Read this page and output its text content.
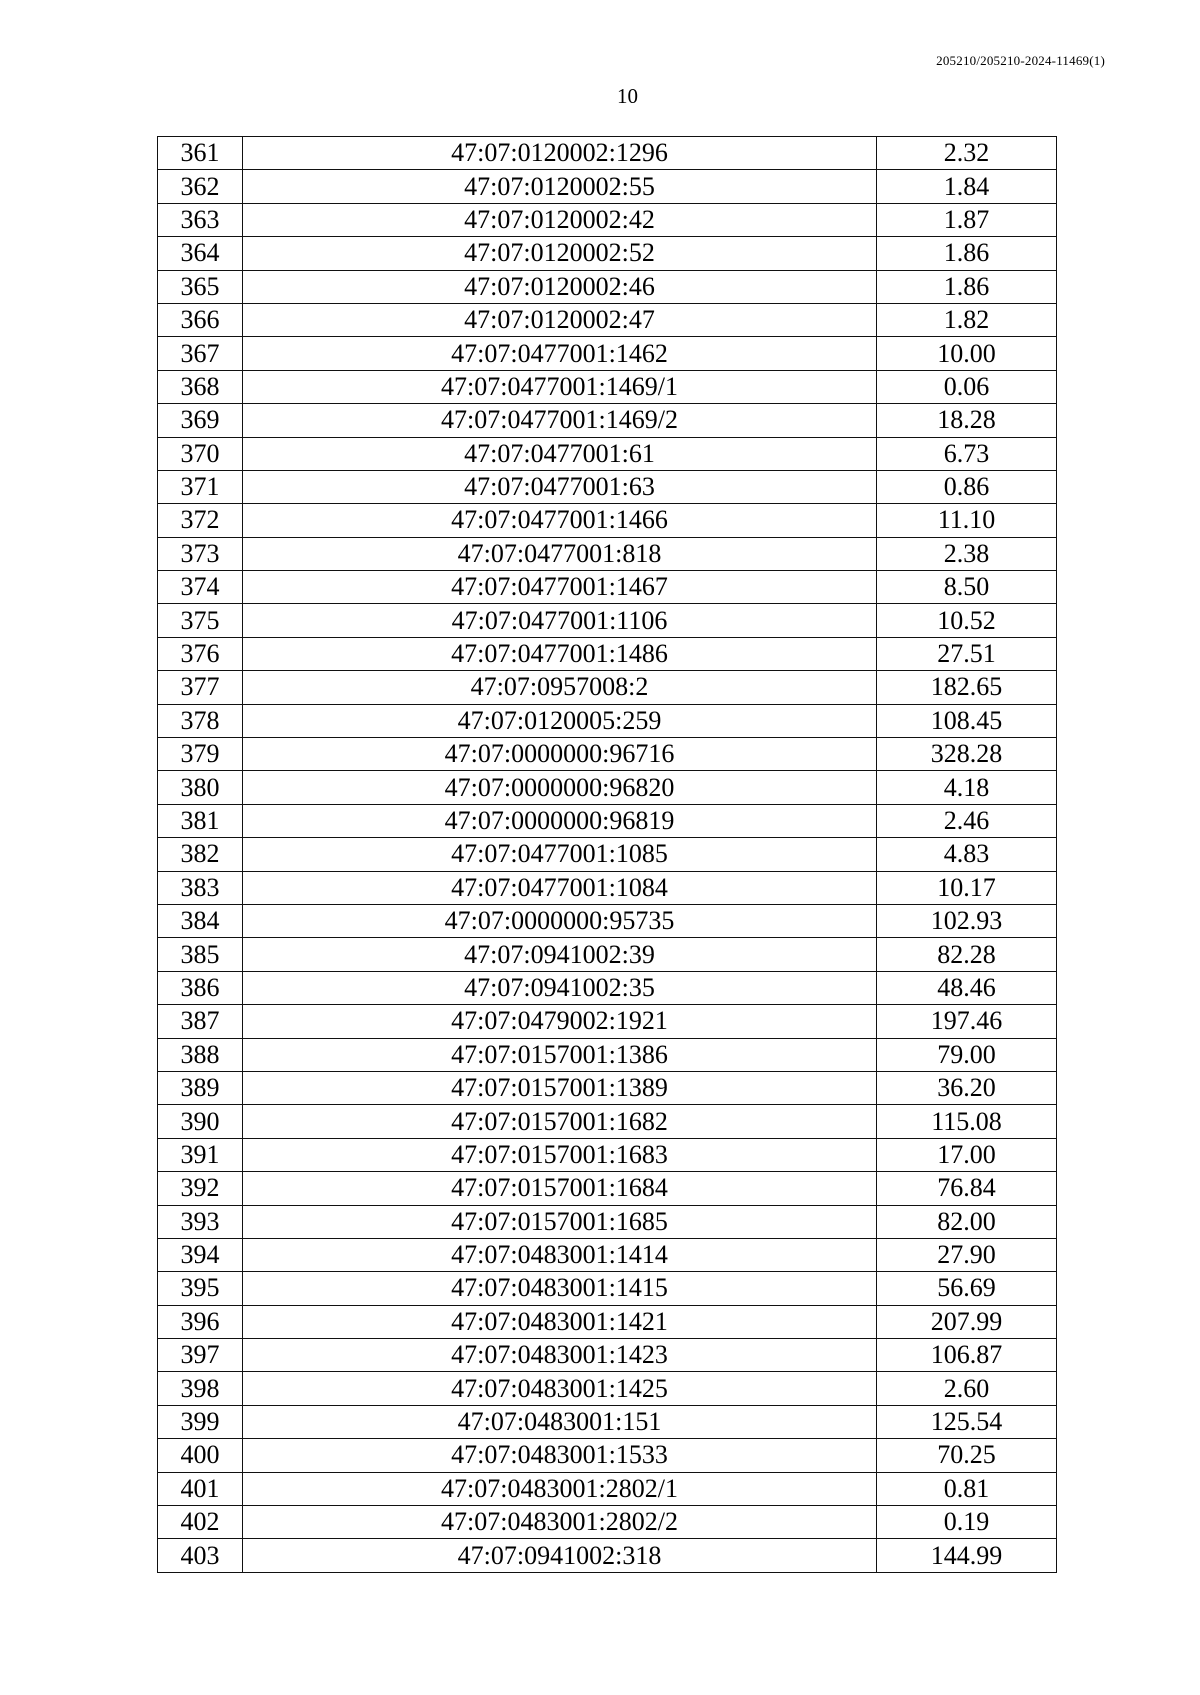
205210/205210-2024-11469(1)
10
361	47:07:0120002:1296	2.32
362	47:07:0120002:55	1.84
363	47:07:0120002:42	1.87
364	47:07:0120002:52	1.86
365	47:07:0120002:46	1.86
366	47:07:0120002:47	1.82
367	47:07:0477001:1462	10.00
368	47:07:0477001:1469/1	0.06
369	47:07:0477001:1469/2	18.28
370	47:07:0477001:61	6.73
371	47:07:0477001:63	0.86
372	47:07:0477001:1466	11.10
373	47:07:0477001:818	2.38
374	47:07:0477001:1467	8.50
375	47:07:0477001:1106	10.52
376	47:07:0477001:1486	27.51
377	47:07:0957008:2	182.65
378	47:07:0120005:259	108.45
379	47:07:0000000:96716	328.28
380	47:07:0000000:96820	4.18
381	47:07:0000000:96819	2.46
382	47:07:0477001:1085	4.83
383	47:07:0477001:1084	10.17
384	47:07:0000000:95735	102.93
385	47:07:0941002:39	82.28
386	47:07:0941002:35	48.46
387	47:07:0479002:1921	197.46
388	47:07:0157001:1386	79.00
389	47:07:0157001:1389	36.20
390	47:07:0157001:1682	115.08
391	47:07:0157001:1683	17.00
392	47:07:0157001:1684	76.84
393	47:07:0157001:1685	82.00
394	47:07:0483001:1414	27.90
395	47:07:0483001:1415	56.69
396	47:07:0483001:1421	207.99
397	47:07:0483001:1423	106.87
398	47:07:0483001:1425	2.60
399	47:07:0483001:151	125.54
400	47:07:0483001:1533	70.25
401	47:07:0483001:2802/1	0.81
402	47:07:0483001:2802/2	0.19
403	47:07:0941002:318	144.99
